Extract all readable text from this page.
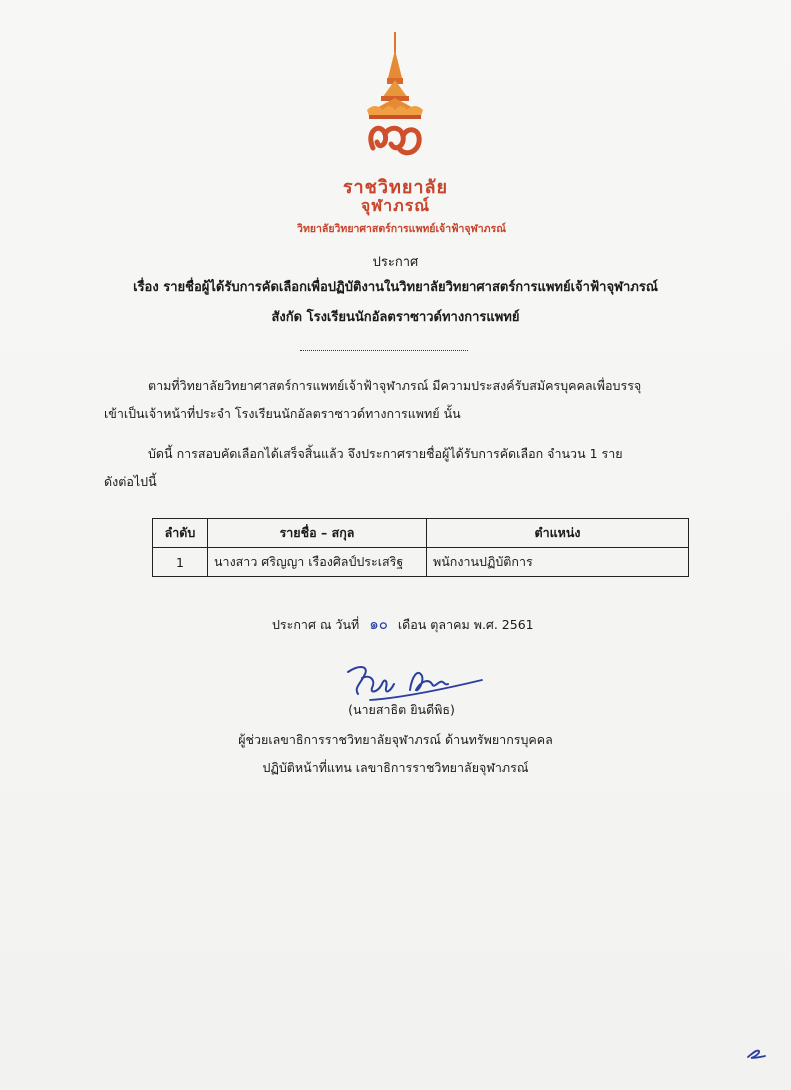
ราชวิทยาลัย
จุฬาภรณ์
วิทยาลัยวิทยาศาสตร์การแพทย์เจ้าฟ้าจุฬาภรณ์
ประกาศ
เรื่อง รายชื่อผู้ได้รับการคัดเลือกเพื่อปฏิบัติงานในวิทยาลัยวิทยาศาสตร์การแพทย์เจ้าฟ้าจุฬาภรณ์
สังกัด โรงเรียนนักอัลตราซาวด์ทางการแพทย์
ตามที่วิทยาลัยวิทยาศาสตร์การแพทย์เจ้าฟ้าจุฬาภรณ์ มีความประสงค์รับสมัครบุคคลเพื่อบรรจุ
เข้าเป็นเจ้าหน้าที่ประจำ โรงเรียนนักอัลตราซาวด์ทางการแพทย์ นั้น
บัดนี้ การสอบคัดเลือกได้เสร็จสิ้นแล้ว จึงประกาศรายชื่อผู้ได้รับการคัดเลือก จำนวน 1 ราย
ดังต่อไปนี้
ลำดับ	รายชื่อ – สกุล	ตำแหน่ง
1	นางสาว ศริญญา เรืองศิลป์ประเสริฐ	พนักงานปฏิบัติการ
ประกาศ ณ วันที่ ๑๐ เดือน ตุลาคม พ.ศ. 2561
(นายสาธิต ยินดีพิธ)
ผู้ช่วยเลขาธิการราชวิทยาลัยจุฬาภรณ์ ด้านทรัพยากรบุคคล
ปฏิบัติหน้าที่แทน เลขาธิการราชวิทยาลัยจุฬาภรณ์
